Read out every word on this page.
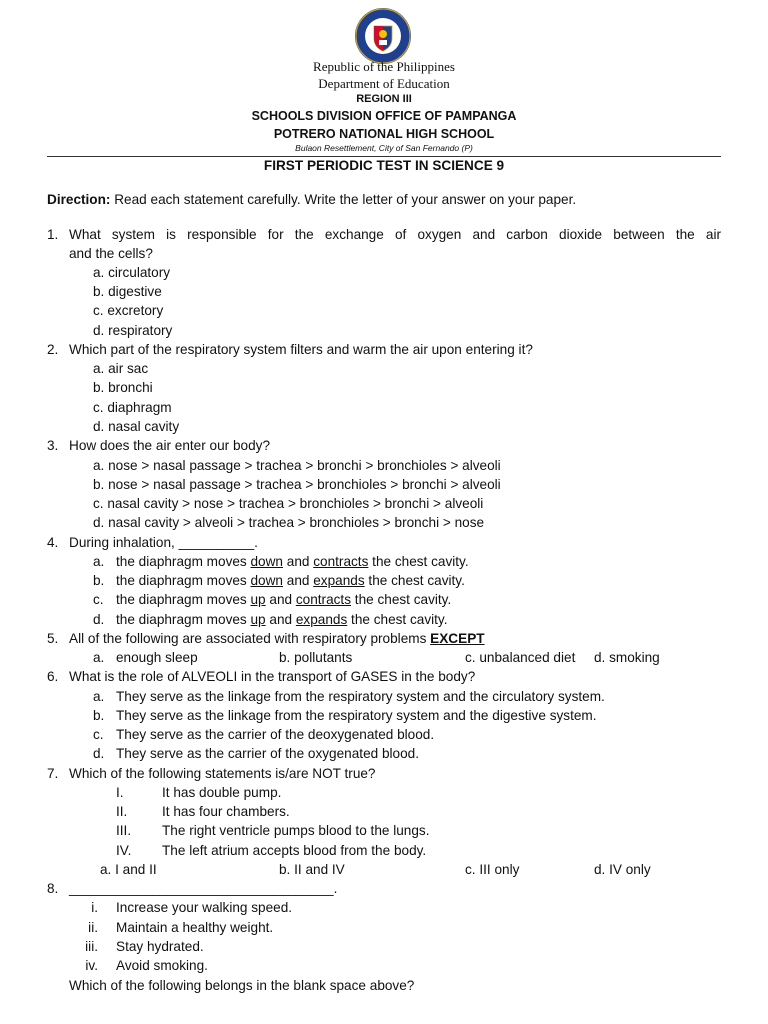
Republic of the Philippines
Department of Education
REGION III
SCHOOLS DIVISION OFFICE OF PAMPANGA
POTRERO NATIONAL HIGH SCHOOL
Bulaon Resettlement, City of San Fernando (P)
FIRST PERIODIC TEST IN SCIENCE 9
Direction: Read each statement carefully. Write the letter of your answer on your paper.
1. What system is responsible for the exchange of oxygen and carbon dioxide between the air
and the cells?
a. circulatory
b. digestive
c. excretory
d. respiratory
2. Which part of the respiratory system filters and warm the air upon entering it?
a. air sac
b. bronchi
c. diaphragm
d. nasal cavity
3. How does the air enter our body?
a. nose > nasal passage > trachea > bronchi > bronchioles > alveoli
b. nose > nasal passage > trachea > bronchioles > bronchi > alveoli
c. nasal cavity > nose > trachea > bronchioles > bronchi > alveoli
d. nasal cavity > alveoli > trachea > bronchioles > bronchi > nose
4. During inhalation, __________.
a. the diaphragm moves down and contracts the chest cavity.
b. the diaphragm moves down and expands the chest cavity.
c. the diaphragm moves up and contracts the chest cavity.
d. the diaphragm moves up and expands the chest cavity.
5. All of the following are associated with respiratory problems EXCEPT
a. enough sleep	b. pollutants	c. unbalanced diet d. smoking
6. What is the role of ALVEOLI in the transport of GASES in the body?
a. They serve as the linkage from the respiratory system and the circulatory system.
b. They serve as the linkage from the respiratory system and the digestive system.
c. They serve as the carrier of the deoxygenated blood.
d. They serve as the carrier of the oxygenated blood.
7. Which of the following statements is/are NOT true?
I.	It has double pump.
II.	It has four chambers.
III. The right ventricle pumps blood to the lungs.
IV. The left atrium accepts blood from the body.
a. I and II	b. II and IV	c. III only	d. IV only
8. ___________________________________.
i. Increase your walking speed.
ii. Maintain a healthy weight.
iii. Stay hydrated.
iv. Avoid smoking.
Which of the following belongs in the blank space above?
